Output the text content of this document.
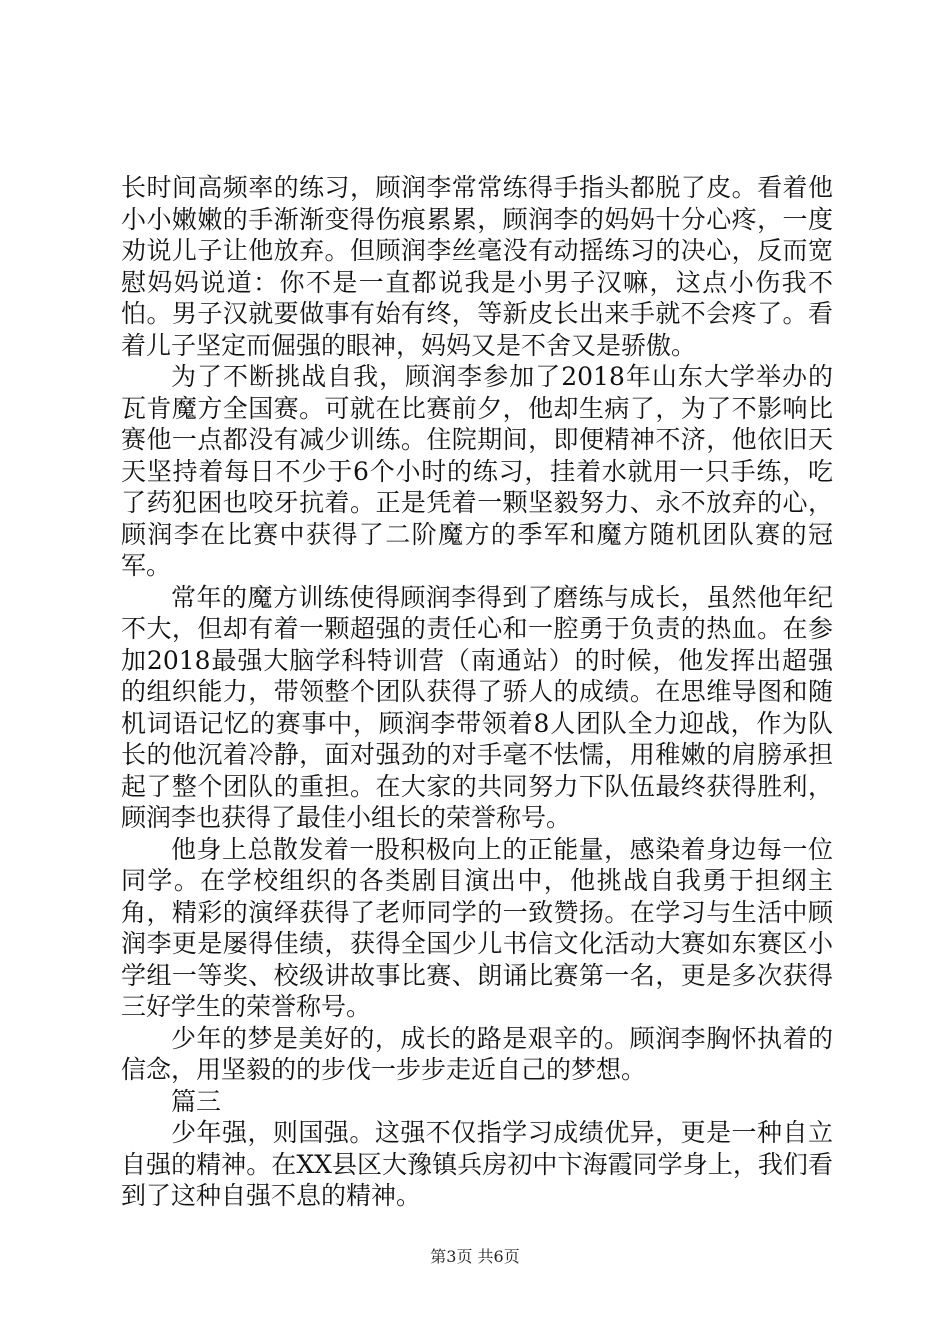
长时间高频率的练习，顾润李常常练得手指头都脱了皮。看着他小小嫩嫩的手渐渐变得伤痕累累，顾润李的妈妈十分心疼，一度劝说儿子让他放弃。但顾润李丝毫没有动摇练习的决心，反而宽慰妈妈说道：你不是一直都说我是小男子汉嘛，这点小伤我不怕。男子汉就要做事有始有终，等新皮长出来手就不会疼了。看着儿子坚定而倔强的眼神，妈妈又是不舍又是骄傲。

为了不断挑战自我，顾润李参加了2018年山东大学举办的瓦肯魔方全国赛。可就在比赛前夕，他却生病了，为了不影响比赛他一点都没有减少训练。住院期间，即便精神不济，他依旧天天坚持着每日不少于6个小时的练习，挂着水就用一只手练，吃了药犯困也咬牙抗着。正是凭着一颗坚毅努力、永不放弃的心，顾润李在比赛中获得了二阶魔方的季军和魔方随机团队赛的冠军。

常年的魔方训练使得顾润李得到了磨练与成长，虽然他年纪不大，但却有着一颗超强的责任心和一腔勇于负责的热血。在参加2018最强大脑学科特训营（南通站）的时候，他发挥出超强的组织能力，带领整个团队获得了骄人的成绩。在思维导图和随机词语记忆的赛事中，顾润李带领着8人团队全力迎战，作为队长的他沉着冷静，面对强劲的对手毫不怯懦，用稚嫩的肩膀承担起了整个团队的重担。在大家的共同努力下队伍最终获得胜利，顾润李也获得了最佳小组长的荣誉称号。

他身上总散发着一股积极向上的正能量，感染着身边每一位同学。在学校组织的各类剧目演出中，他挑战自我勇于担纲主角，精彩的演绎获得了老师同学的一致赞扬。在学习与生活中顾润李更是屡得佳绩，获得全国少儿书信文化活动大赛如东赛区小学组一等奖、校级讲故事比赛、朗诵比赛第一名，更是多次获得三好学生的荣誉称号。

少年的梦是美好的，成长的路是艰辛的。顾润李胸怀执着的信念，用坚毅的的步伐一步步走近自己的梦想。

篇三

少年强，则国强。这强不仅指学习成绩优异，更是一种自立自强的精神。在XX县区大豫镇兵房初中卞海霞同学身上，我们看到了这种自强不息的精神。

第3页 共6页
